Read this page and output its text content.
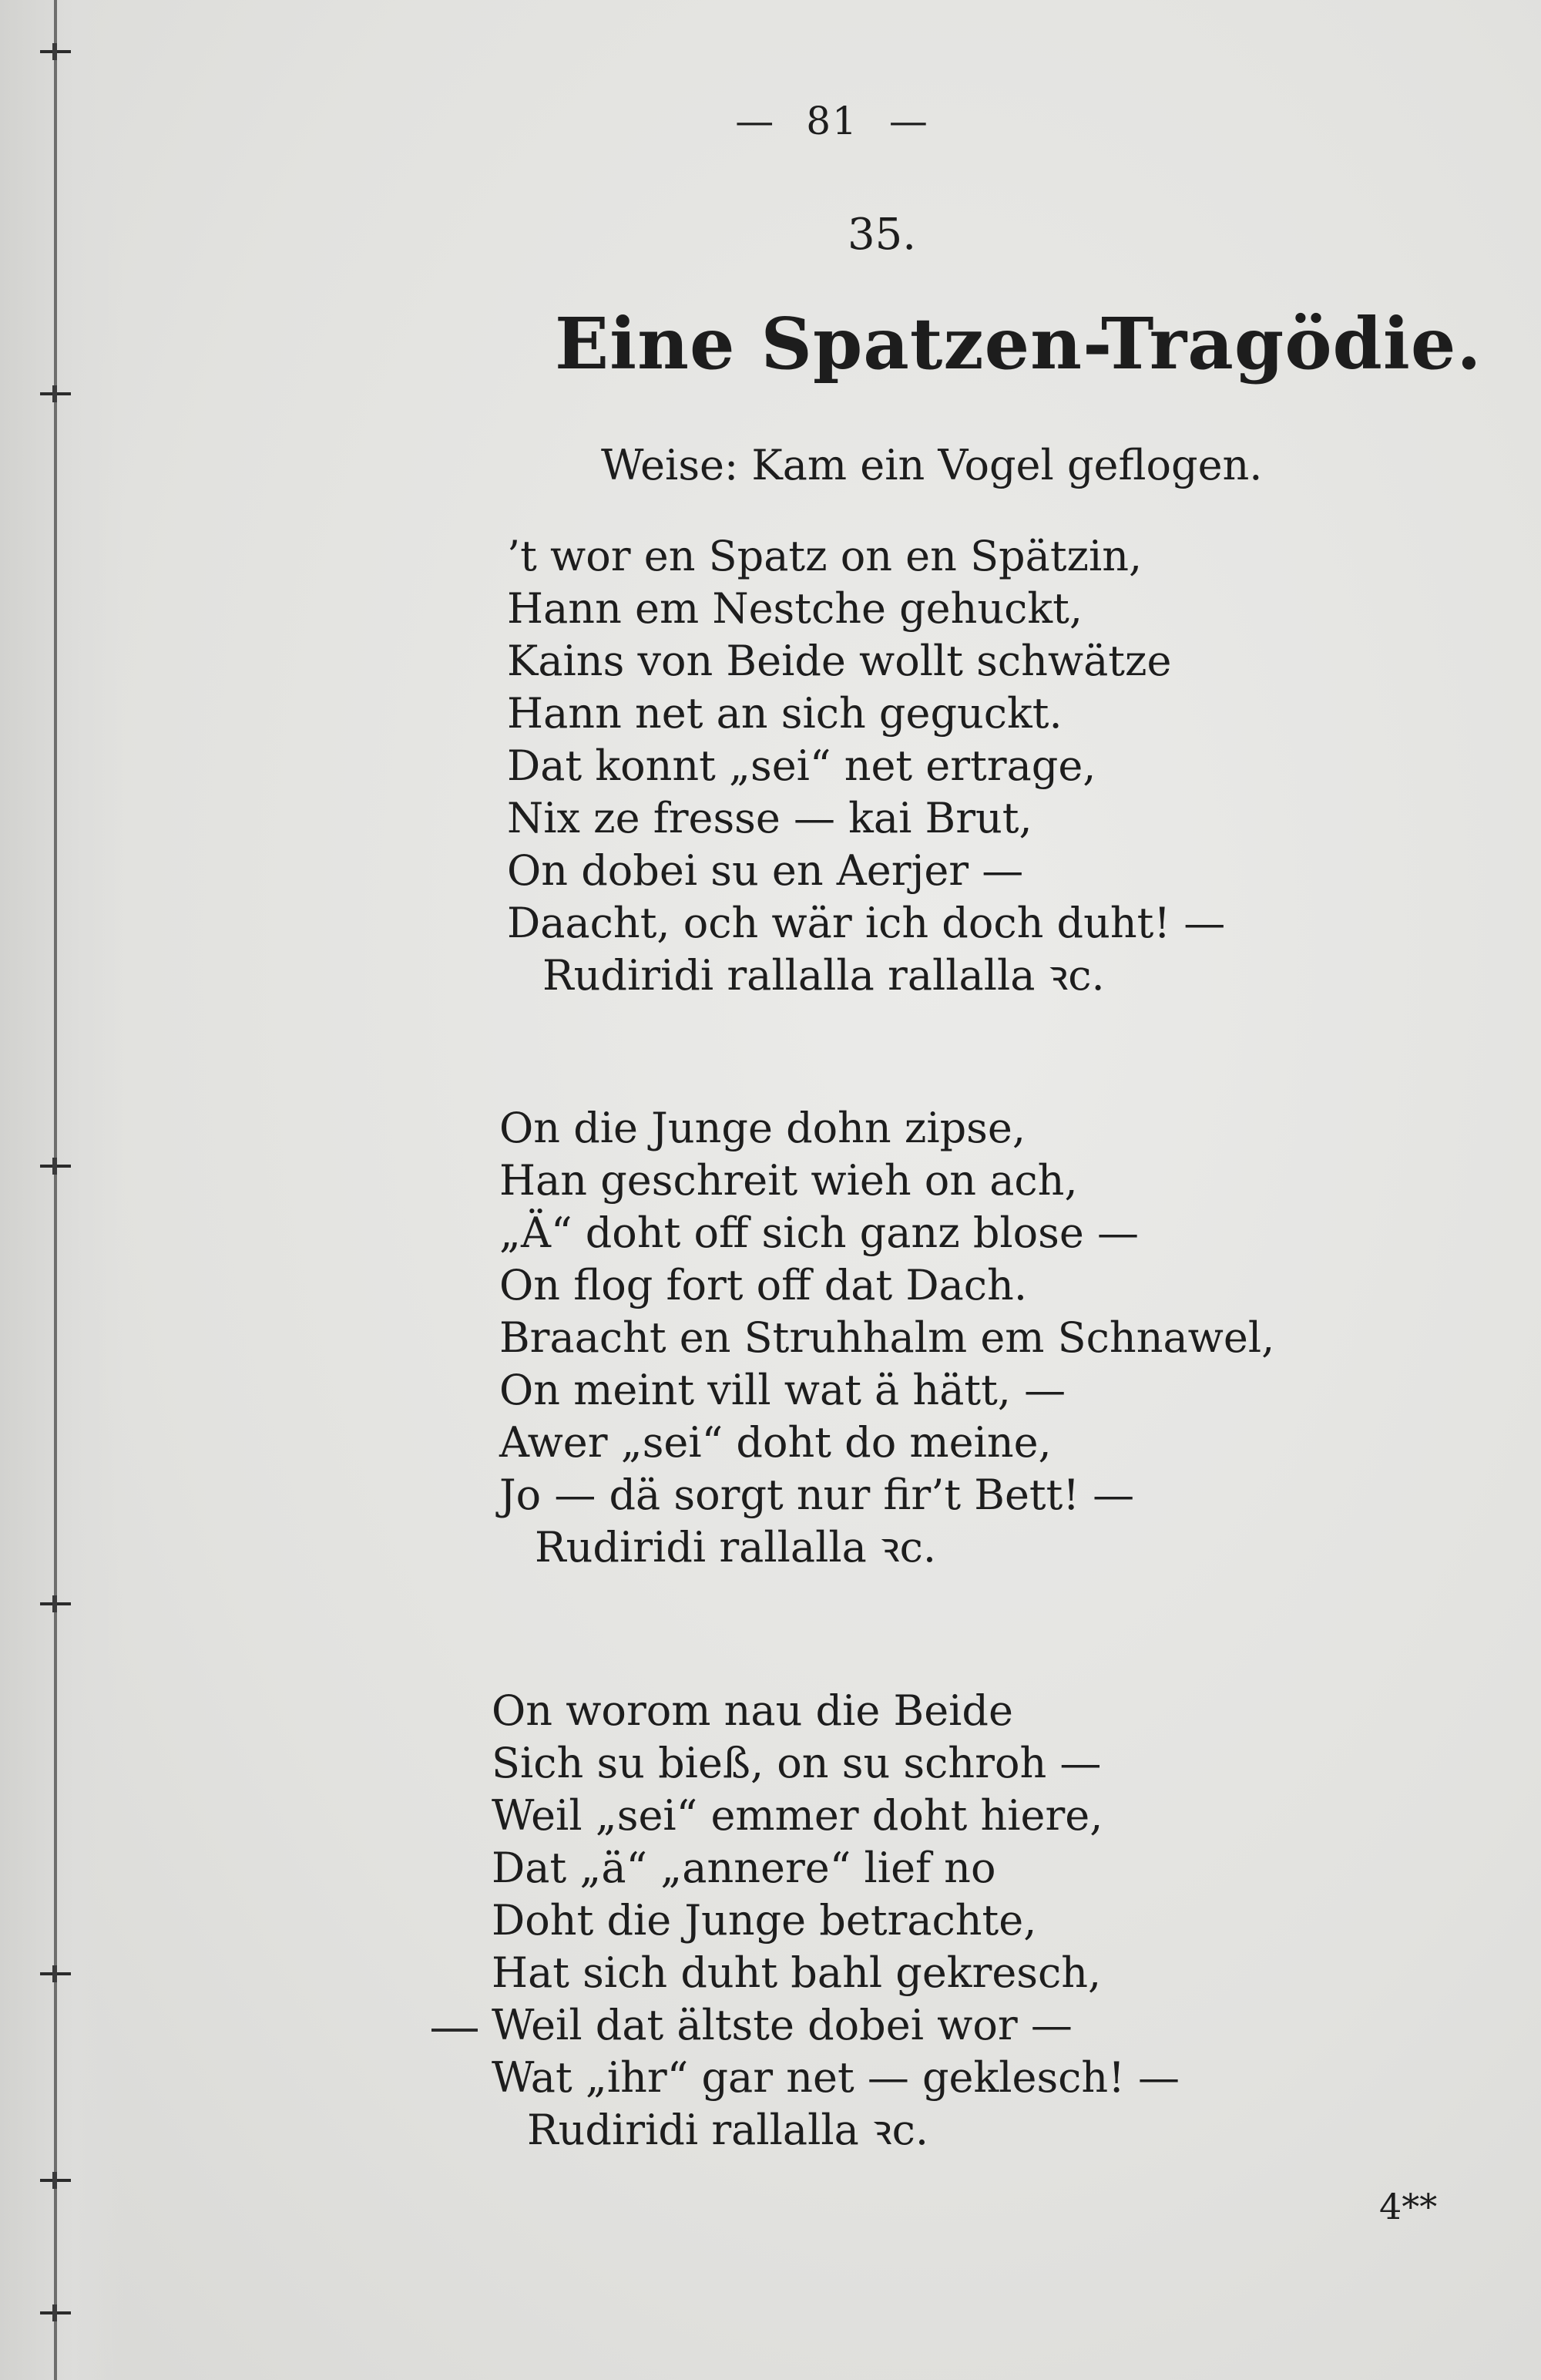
— 81 —
35.
Eine Spatzen-Tragödie.
Weise: Kam ein Vogel geflogen.
’t wor en Spatz on en Spätzin,
Hann em Nestche gehuckt,
Kains von Beide wollt schwätze
Hann net an sich geguckt.
Dat konnt „sei“ net ertrage,
Nix ze fresse — kai Brut,
On dobei su en Aerjer —
Daacht, och wär ich doch duht! —
Rudiridi rallalla rallalla ꝛc.
On die Junge dohn zipse,
Han geschreit wieh on ach,
„Ä“ doht off sich ganz blose —
On flog fort off dat Dach.
Braacht en Struhhalm em Schnawel,
On meint vill wat ä hätt, —
Awer „sei“ doht do meine,
Jo — dä sorgt nur fir’t Bett! —
Rudiridi rallalla ꝛc.
On worom nau die Beide
Sich su bieß, on su schroh —
Weil „sei“ emmer doht hiere,
Dat „ä“ „annere“ lief no
Doht die Junge betrachte,
Hat sich duht bahl gekresch,
Weil dat ältste dobei wor —
Wat „ihr“ gar net — geklesch! —
Rudiridi rallalla ꝛc.
4**
